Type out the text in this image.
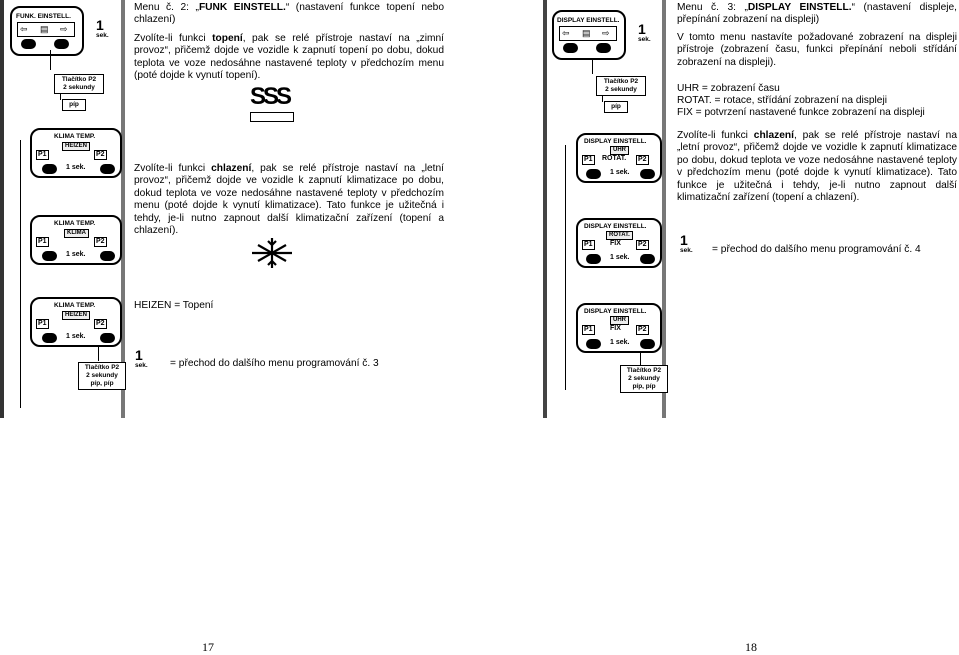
FUNK. EINSTELL.
⇦ ▤ ⇨ 1
sek.
Tlačítko P2
2 sekundy
píp
KLIMA TEMP.
HEIZEN
P1	P2
1 sek.
KLIMA TEMP.
KLIMA
P1	P2
1 sek.
KLIMA TEMP.
HEIZEN
P1	P2
1 sek.
Tlačítko P2
2 sekundy
píp, píp
1
sek.
Menu č. 2: „FUNK EINSTELL.“ (nastavení funkce topení nebo chlazení)
Zvolíte-li funkci topení, pak se relé přístroje nastaví na „zimní provoz“, přičemž dojde ve vozidle k zapnutí topení po dobu, dokud teplota ve voze nedosáhne nastavené teploty v předchozím menu (poté dojde k vynutí topení).
SSS
Zvolíte-li funkci chlazení, pak se relé přístroje nastaví na „letní provoz“, přičemž dojde ve vozidle k zapnutí klimatizace po dobu, dokud teplota ve voze nedosáhne nastavené teploty v předchozím menu (poté dojde k vynutí klimatizace). Tato funkce je užitečná i tehdy, je-li nutno zapnout další klimatizační zařízení (topení a chlazení).
HEIZEN = Topení
= přechod do dalšího menu programování č. 3
17
DISPLAY EINSTELL.
⇦ ▤ ⇨ 1
sek.
Tlačítko P2
2 sekundy
píp
DISPLAY EINSTELL.
UHR
P1 ROTAT. P2
1 sek.
DISPLAY EINSTELL.
ROTAT.
P1 FIX P2
1 sek.
1
sek.
DISPLAY EINSTELL.
UHR
P1 FIX P2
1 sek.
Tlačítko P2
2 sekundy
píp, píp
Menu č. 3: „DISPLAY EINSTELL.“ (nastavení displeje, přepínání zobrazení na displeji)
V tomto menu nastavíte požadované zobrazení na displeji přístroje (zobrazení času, funkci přepínání neboli střídání zobrazení na displeji).
UHR = zobrazení času
ROTAT. = rotace, střídání zobrazení na displeji
FIX = potvrzení nastavené funkce zobrazení na displeji
Zvolíte-li funkci chlazení, pak se relé přístroje nastaví na „letní provoz“, přičemž dojde ve vozidle k zapnutí klimatizace po dobu, dokud teplota ve voze nedosáhne nastavené teploty v předchozím menu (poté dojde k vynutí klimatizace). Tato funkce je užitečná i tehdy, je-li nutno zapnout další klimatizační zařízení (topení a chlazení).
= přechod do dalšího menu programování č. 4
18
